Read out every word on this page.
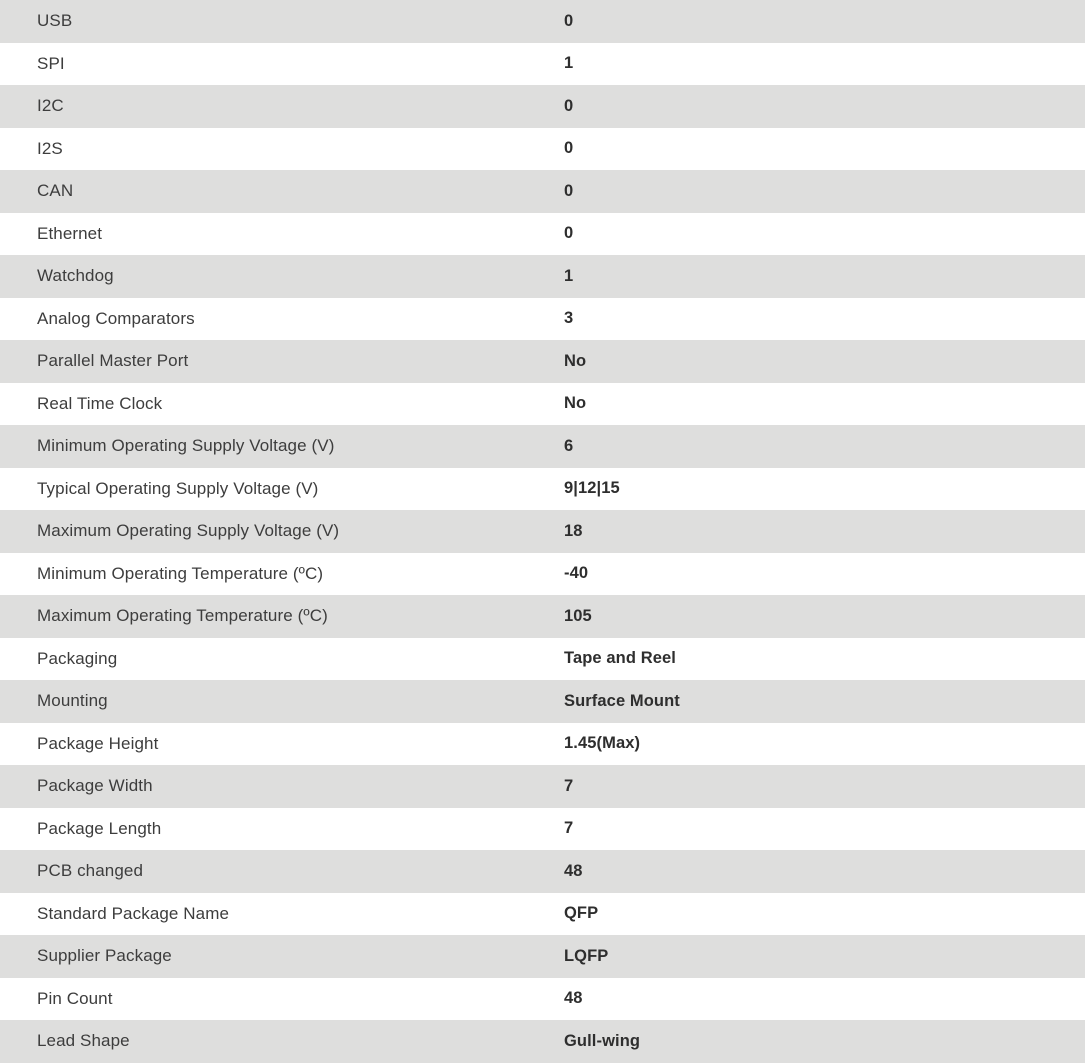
USB	0
SPI	1
I2C	0
I2S	0
CAN	0
Ethernet	0
Watchdog	1
Analog Comparators	3
Parallel Master Port	No
Real Time Clock	No
Minimum Operating Supply Voltage (V)	6
Typical Operating Supply Voltage (V)	9|12|15
Maximum Operating Supply Voltage (V)	18
Minimum Operating Temperature (ºC)	-40
Maximum Operating Temperature (ºC)	105
Packaging	Tape and Reel
Mounting	Surface Mount
Package Height	1.45(Max)
Package Width	7
Package Length	7
PCB changed	48
Standard Package Name	QFP
Supplier Package	LQFP
Pin Count	48
Lead Shape	Gull-wing
